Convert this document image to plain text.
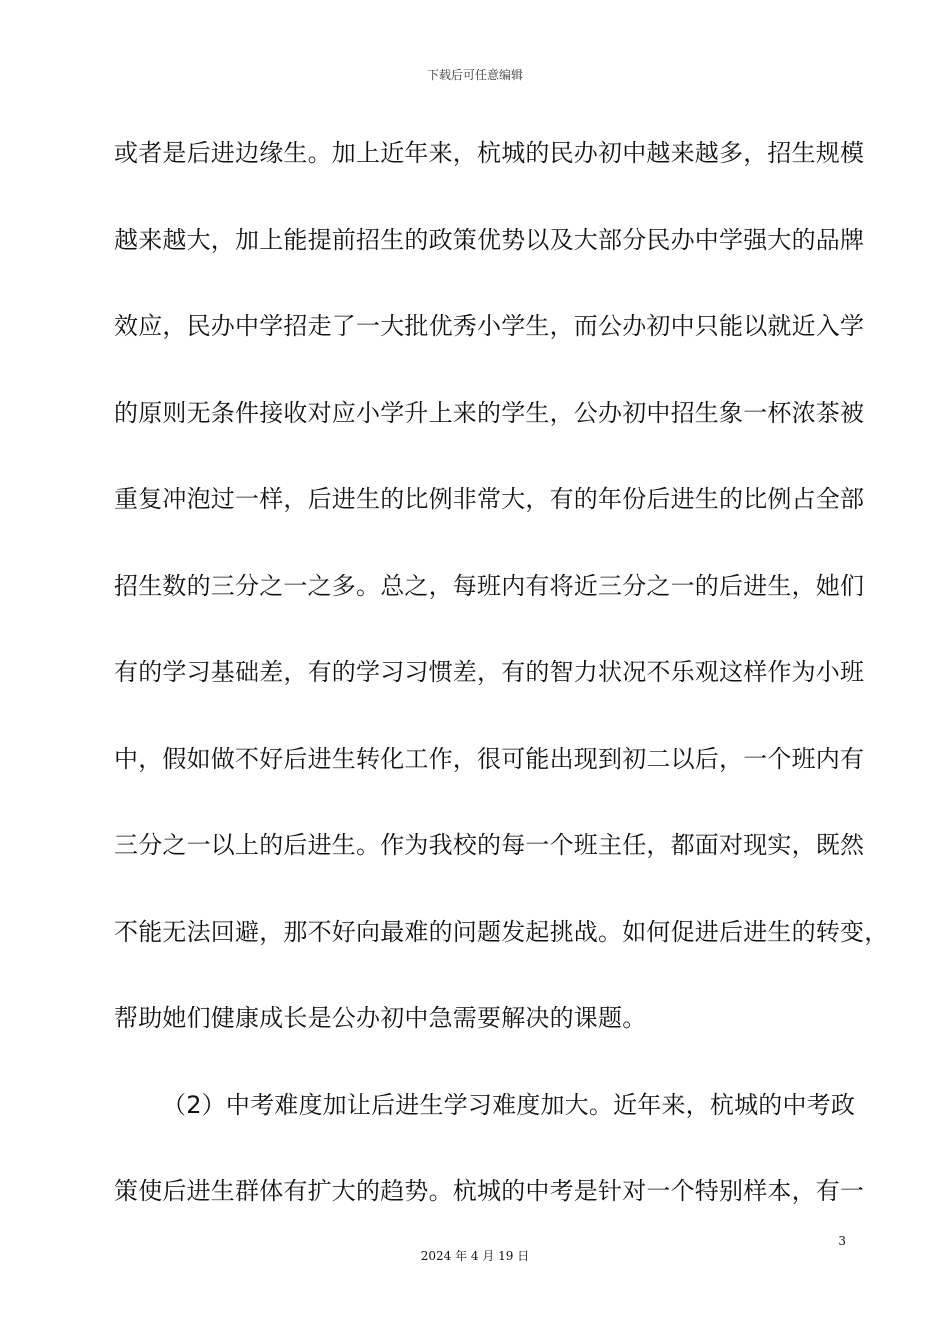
下载后可任意编辑
或者是后进边缘生。加上近年来，杭城的民办初中越来越多，招生规模
越来越大，加上能提前招生的政策优势以及大部分民办中学强大的品牌
效应，民办中学招走了一大批优秀小学生，而公办初中只能以就近入学
的原则无条件接收对应小学升上来的学生，公办初中招生象一杯浓茶被
重复冲泡过一样，后进生的比例非常大，有的年份后进生的比例占全部
招生数的三分之一之多。总之，每班内有将近三分之一的后进生，她们
有的学习基础差，有的学习习惯差，有的智力状况不乐观这样作为小班
中，假如做不好后进生转化工作，很可能出现到初二以后，一个班内有
三分之一以上的后进生。作为我校的每一个班主任，都面对现实，既然
不能无法回避，那不好向最难的问题发起挑战。如何促进后进生的转变，
帮助她们健康成长是公办初中急需要解决的课题。
（2）中考难度加让后进生学习难度加大。近年来，杭城的中考政
策使后进生群体有扩大的趋势。杭城的中考是针对一个特别样本，有一
3
2024 年 4 月 19 日
